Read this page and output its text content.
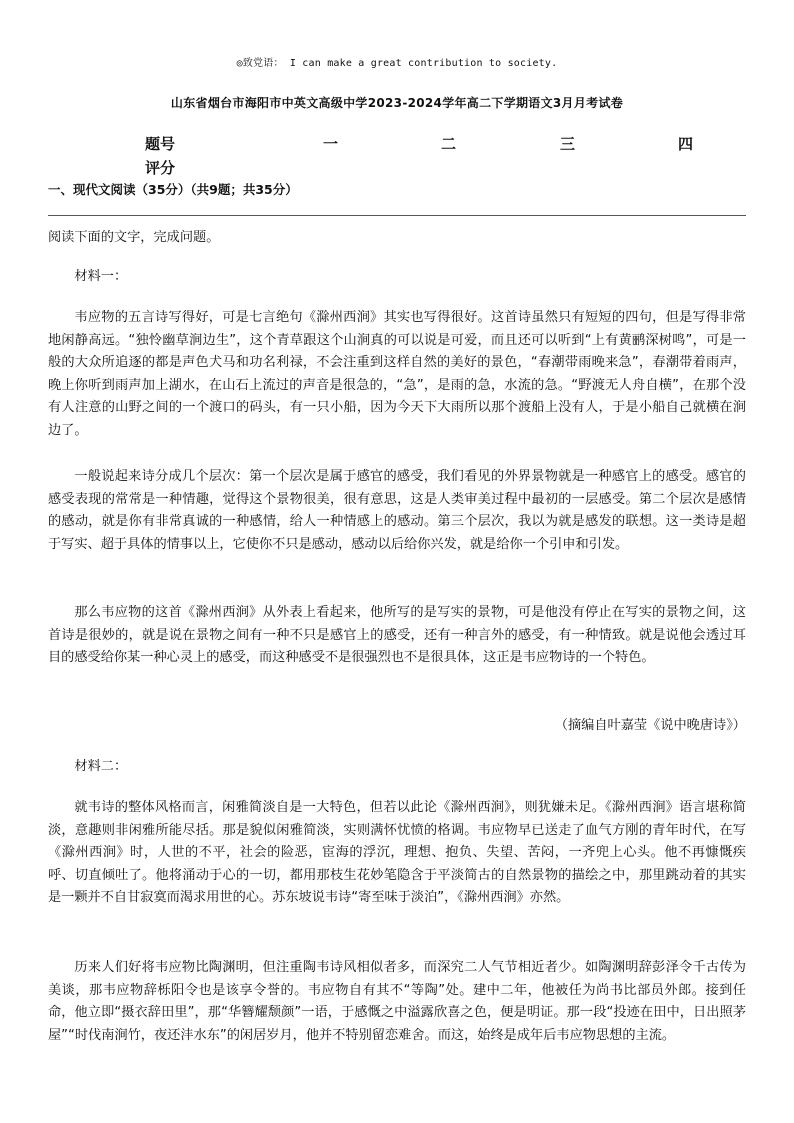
◎致党语： I can make a great contribution to society.
山东省烟台市海阳市中英文高级中学2023-2024学年高二下学期语文3月月考试卷
题号	一	二	三	四
评分
一、现代文阅读（35分）（共9题；共35分）

阅读下面的文字，完成问题。

材料一：

韦应物的五言诗写得好，可是七言绝句《滁州西涧》其实也写得很好。这首诗虽然只有短短的四句，但是写得非常地闲静高远。“独怜幽草涧边生”，这个青草跟这个山涧真的可以说是可爱，而且还可以听到“上有黄鹂深树鸣”，可是一般的大众所追逐的都是声色犬马和功名利禄，不会注重到这样自然的美好的景色，“春潮带雨晚来急”，春潮带着雨声，晚上你听到雨声加上湖水，在山石上流过的声音是很急的，“急”，是雨的急，水流的急。“野渡无人舟自横”，在那个没有人注意的山野之间的一个渡口的码头，有一只小船，因为今天下大雨所以那个渡船上没有人，于是小船自己就横在涧边了。

一般说起来诗分成几个层次：第一个层次是属于感官的感受，我们看见的外界景物就是一种感官上的感受。感官的感受表现的常常是一种情趣，觉得这个景物很美，很有意思，这是人类审美过程中最初的一层感受。第二个层次是感情的感动，就是你有非常真诚的一种感情，给人一种情感上的感动。第三个层次，我以为就是感发的联想。这一类诗是超于写实、超于具体的情事以上，它使你不只是感动，感动以后给你兴发，就是给你一个引申和引发。

那么韦应物的这首《滁州西涧》从外表上看起来，他所写的是写实的景物，可是他没有停止在写实的景物之间，这首诗是很妙的，就是说在景物之间有一种不只是感官上的感受，还有一种言外的感受，有一种情致。就是说他会透过耳目的感受给你某一种心灵上的感受，而这种感受不是很强烈也不是很具体，这正是韦应物诗的一个特色。

（摘编自叶嘉莹《说中晚唐诗》）

材料二：

就韦诗的整体风格而言，闲雅简淡自是一大特色，但若以此论《滁州西涧》，则犹嫌未足。《滁州西涧》语言堪称简淡，意趣则非闲雅所能尽括。那是貌似闲雅简淡，实则满怀忧愤的格调。韦应物早已送走了血气方刚的青年时代，在写《滁州西涧》时，人世的不平，社会的险恶，宦海的浮沉，理想、抱负、失望、苦闷，一齐兜上心头。他不再慷慨疾呼、切直倾吐了。他将涌动于心的一切，都用那枝生花妙笔隐含于平淡简古的自然景物的描绘之中，那里跳动着的其实是一颗并不自甘寂寞而渴求用世的心。苏东坡说韦诗“寄至味于淡泊”，《滁州西涧》亦然。

历来人们好将韦应物比陶渊明，但注重陶韦诗风相似者多，而深究二人气节相近者少。如陶渊明辞彭泽令千古传为美谈，那韦应物辞栎阳令也是该享令誉的。韦应物自有其不“等陶”处。建中二年，他被任为尚书比部员外郎。接到任命，他立即“摄衣辞田里”，那“华簪耀颓颜”一语，于感慨之中溢露欣喜之色，便是明证。那一段“投迹在田中，日出照茅屋”“时伐南涧竹，夜还沣水东”的闲居岁月，他并不特别留恋难舍。而这，始终是成年后韦应物思想的主流。
